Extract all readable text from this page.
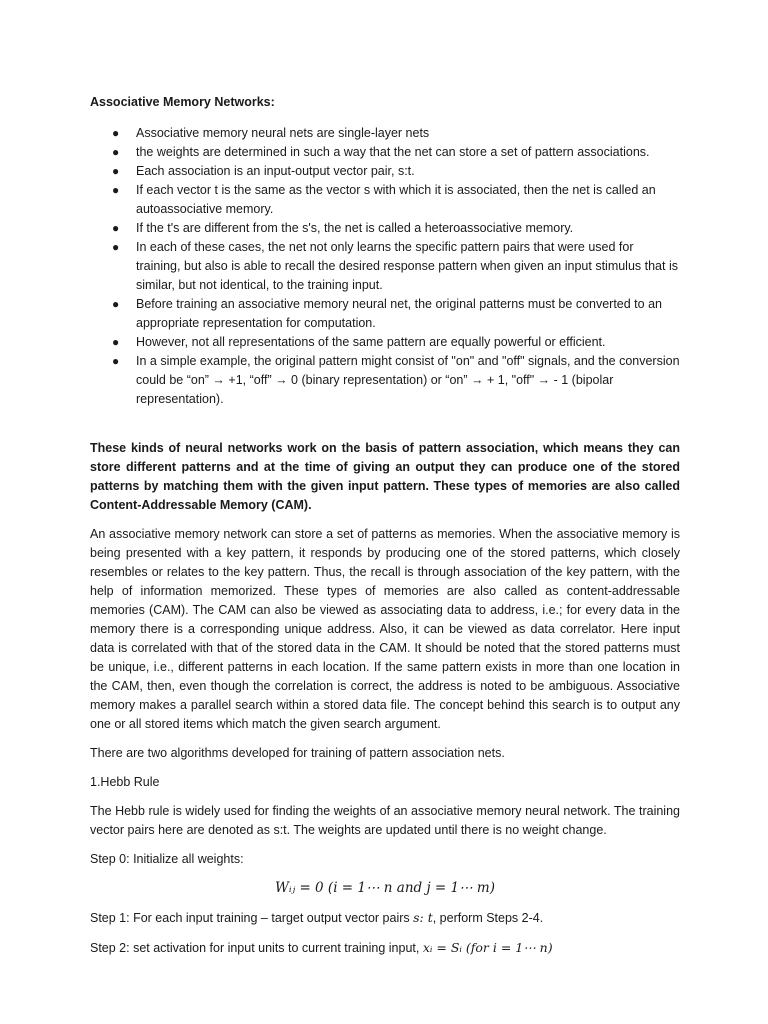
Associative Memory Networks:
● Associative memory neural nets are single-layer nets
● the weights are determined in such a way that the net can store a set of pattern associations.
● Each association is an input-output vector pair, s:t.
● If each vector t is the same as the vector s with which it is associated, then the net is called an autoassociative memory.
● If the t's are different from the s's, the net is called a heteroassociative memory.
● In each of these cases, the net not only learns the specific pattern pairs that were used for training, but also is able to recall the desired response pattern when given an input stimulus that is similar, but not identical, to the training input.
● Before training an associative memory neural net, the original patterns must be converted to an appropriate representation for computation.
● However, not all representations of the same pattern are equally powerful or efficient.
● In a simple example, the original pattern might consist of "on" and "off" signals, and the conversion could be “on” → +1, “off” → 0 (binary representation) or “on” → + 1, "off" → - 1 (bipolar representation).

These kinds of neural networks work on the basis of pattern association, which means they can store different patterns and at the time of giving an output they can produce one of the stored patterns by matching them with the given input pattern. These types of memories are also called Content-Addressable Memory (CAM).

An associative memory network can store a set of patterns as memories. When the associative memory is being presented with a key pattern, it responds by producing one of the stored patterns, which closely resembles or relates to the key pattern. Thus, the recall is through association of the key pattern, with the help of information memorized. These types of memories are also called as content-addressable memories (CAM). The CAM can also be viewed as associating data to address, i.e.; for every data in the memory there is a corresponding unique address. Also, it can be viewed as data correlator. Here input data is correlated with that of the stored data in the CAM. It should be noted that the stored patterns must be unique, i.e., different patterns in each location. If the same pattern exists in more than one location in the CAM, then, even though the correlation is correct, the address is noted to be ambiguous. Associative memory makes a parallel search within a stored data file. The concept behind this search is to output any one or all stored items which match the given search argument.

There are two algorithms developed for training of pattern association nets.

1.Hebb Rule

The Hebb rule is widely used for finding the weights of an associative memory neural network. The training vector pairs here are denoted as s:t. The weights are updated until there is no weight change.

Step 0: Initialize all weights:

Wᵢⱼ = 0 (i = 1⋯ n and j = 1⋯ m)

Step 1: For each input training – target output vector pairs s: t, perform Steps 2-4.

Step 2: set activation for input units to current training input, xᵢ = Sᵢ (for i = 1⋯ n)
